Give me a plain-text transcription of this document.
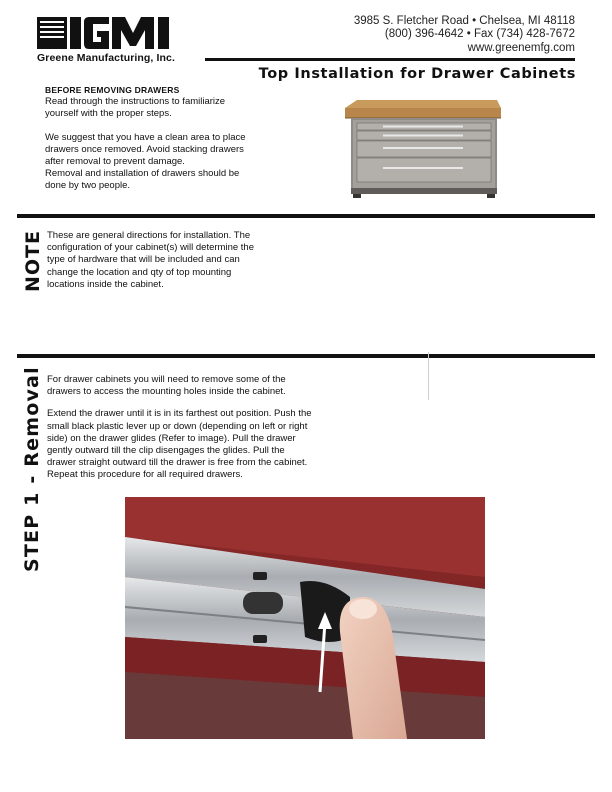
Greene Manufacturing, Inc.
3985 S. Fletcher Road • Chelsea, MI 48118
(800) 396-4642 • Fax (734) 428-7672
www.greenemfg.com
Top Installation for Drawer Cabinets
BEFORE REMOVING DRAWERS

Read through the instructions to familiarize yourself with the proper steps.

We suggest that you have a clean area to place drawers once removed. Avoid stacking drawers after removal to prevent damage.

Removal and installation of drawers should be done by two people.

NOTE These are general directions for installation. The configuration of your cabinet(s) will determine the type of hardware that will be included and can change the location and qty of top mounting locations inside the cabinet.
STEP 1 - Removal For drawer cabinets you will need to remove some of the drawers to access the mounting holes inside the cabinet.

Extend the drawer until it is in its farthest out position. Push the small black plastic lever up or down (depending on left or right side) on the drawer glides (Refer to image). Pull the drawer gently outward till the clip disengages the glides. Pull the drawer straight outward till the drawer is free from the cabinet. Repeat this procedure for all required drawers.
